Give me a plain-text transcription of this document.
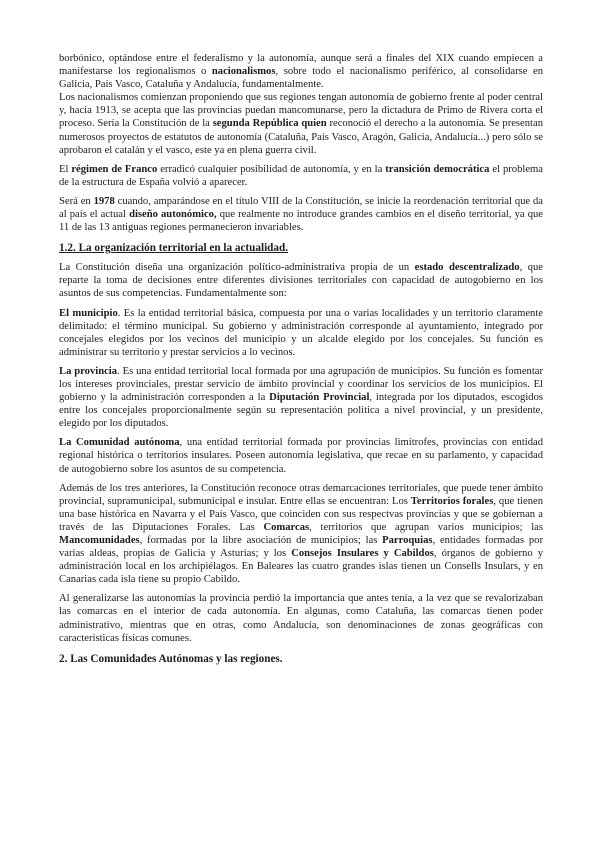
borbónico, optándose entre el federalismo y la autonomía, aunque será a finales del XIX cuando empiecen a manifestarse los regionalismos o nacionalismos, sobre todo el nacionalismo periférico, al consolidarse en Galicia, País Vasco, Cataluña y Andalucía, fundamentalmente.

Los nacionalismos comienzan proponiendo que sus regiones tengan autonomía de gobierno frente al poder central y, hacia 1913, se acepta que las provincias puedan mancomunarse, pero la dictadura de Primo de Rivera corta el proceso. Sería la Constitución de la segunda República quien reconoció el derecho a la autonomía. Se presentan numerosos proyectos de estatutos de autonomía (Cataluña, País Vasco, Aragón, Galicia, Andalucía...) pero sólo se aprobaron el catalán y el vasco, este ya en plena guerra civil.

El régimen de Franco erradicó cualquier posibilidad de autonomía, y en la transición democrática el problema de la estructura de España volvió a aparecer.

Será en 1978 cuando, amparándose en el título VIII de la Constitución, se inicie la reordenación territorial que da al país el actual diseño autonómico, que realmente no introduce grandes cambios en el diseño territorial, ya que 11 de las 13 antiguas regiones permanecieron invariables.

1.2. La organización territorial en la actualidad.

La Constitución diseña una organización político-administrativa propia de un estado descentralizado, que reparte la toma de decisiones entre diferentes divisiones territoriales con capacidad de autogobierno en los asuntos de sus competencias. Fundamentalmente son:

El municipio. Es la entidad territorial básica, compuesta por una o varias localidades y un territorio claramente delimitado: el término municipal. Su gobierno y administración corresponde al ayuntamiento, integrado por concejales elegidos por los vecinos del municipio y un alcalde elegido por los concejales. Su función es administrar su territorio y prestar servicios a lo vecinos.

La provincia. Es una entidad territorial local formada por una agrupación de municipios. Su función es fomentar los intereses provinciales, prestar servicio de ámbito provincial y coordinar los servicios de los municipios. El gobierno y la administración corresponden a la Diputación Provincial, integrada por los diputados, escogidos entre los concejales proporcionalmente según su representación política a nivel provincial, y un presidente, elegido por los diputados.

La Comunidad autónoma, una entidad territorial formada por provincias limítrofes, provincias con entidad regional histórica o territorios insulares. Poseen autonomía legislativa, que recae en su parlamento, y capacidad de autogobierno sobre los asuntos de su competencia.

Además de los tres anteriores, la Constitución reconoce otras demarcaciones territoriales, que puede tener ámbito provincial, supramunicipal, submunicipal e insular. Entre ellas se encuentran: Los Territorios forales, que tienen una base histórica en Navarra y el País Vasco, que coinciden con sus respectvas provincias y que se gobiernan a través de las Diputaciones Forales. Las Comarcas, territorios que agrupan varios municipios; las Mancomunidades, formadas por la libre asociación de municipios; las Parroquias, entidades formadas por varias aldeas, propias de Galicia y Asturias; y los Consejos Insulares y Cabildos, órganos de gobierno y administración local en los archipiélagos. En Baleares las cuatro grandes islas tienen un Consells Insulars, y en Canarias cada isla tiene su propio Cabildo.

Al generalizarse las autonomías la provincia perdió la importancia que antes tenía, a la vez que se revalorizaban las comarcas en el interior de cada autonomía. En algunas, como Cataluña, las comarcas tienen poder administrativo, mientras que en otras, como Andalucía, son denominaciones de zonas geográficas con características físicas comunes.

2. Las Comunidades Autónomas y las regiones.
